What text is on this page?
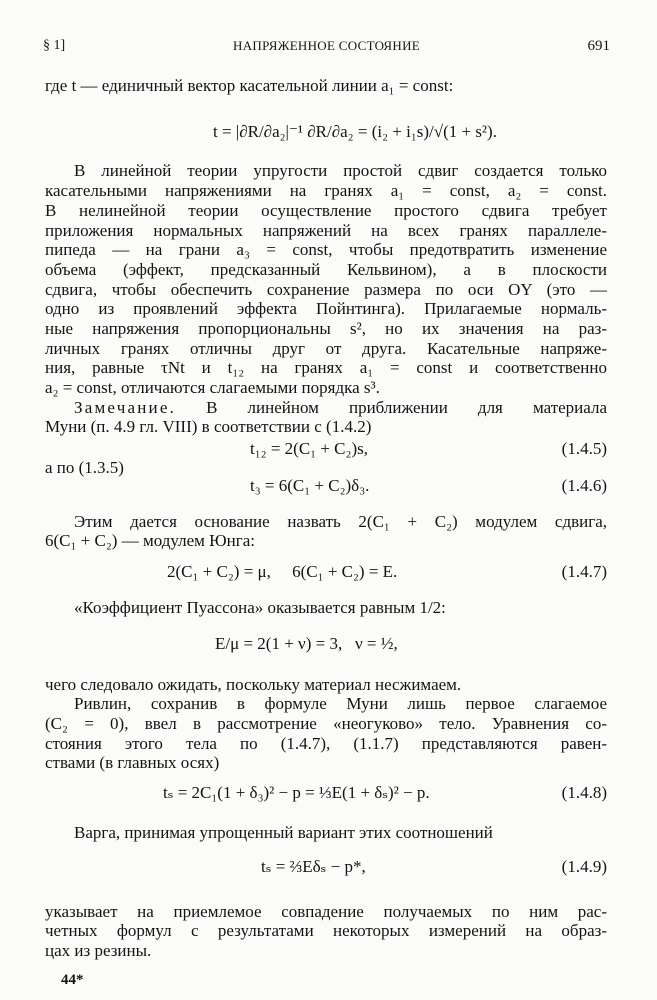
§ 1]	НАПРЯЖЕННОЕ СОСТОЯНИЕ	691
где t — единичный вектор касательной линии a₁ = const:
t = |∂R/∂a₂|⁻¹ ∂R/∂a₂ = (i₂ + i₁s)/√(1 + s²).
В линейной теории упругости простой сдвиг создается только
касательными напряжениями на гранях a₁ = const, a₂ = const.
В нелинейной теории осуществление простого сдвига требует
приложения нормальных напряжений на всех гранях параллеле-
пипеда — на грани a₃ = const, чтобы предотвратить изменение
объема (эффект, предсказанный Кельвином), а в плоскости
сдвига, чтобы обеспечить сохранение размера по оси OY (это —
одно из проявлений эффекта Пойнтинга). Прилагаемые нормаль-
ные напряжения пропорциональны s², но их значения на раз-
личных гранях отличны друг от друга. Касательные напряже-
ния, равные τNt и t₁₂ на гранях a₁ = const и соответственно
a₂ = const, отличаются слагаемыми порядка s³.
Замечание. В линейном приближении для материала
Муни (п. 4.9 гл. VIII) в соответствии с (1.4.2)
t₁₂ = 2(C₁ + C₂)s,	(1.4.5)
а по (1.3.5)
t₃ = 6(C₁ + C₂)δ₃.	(1.4.6)
Этим дается основание назвать 2(C₁ + C₂) модулем сдвига,
6(C₁ + C₂) — модулем Юнга:
2(C₁ + C₂) = μ,     6(C₁ + C₂) = E.	(1.4.7)
«Коэффициент Пуассона» оказывается равным 1/2:
E/μ = 2(1 + ν) = 3,   ν = ½,
чего следовало ожидать, поскольку материал несжимаем.
Ривлин, сохранив в формуле Муни лишь первое слагаемое
(C₂ = 0), ввел в рассмотрение «неогуково» тело. Уравнения со-
стояния этого тела по (1.4.7), (1.1.7) представляются равен-
ствами (в главных осях)
tₛ = 2C₁(1 + δ₃)² − p = ⅓E(1 + δₛ)² − p.	(1.4.8)
Варга, принимая упрощенный вариант этих соотношений
tₛ = ⅔Eδₛ − p*,	(1.4.9)
указывает на приемлемое совпадение получаемых по ним рас-
четных формул с результатами некоторых измерений на образ-
цах из резины.
44*
